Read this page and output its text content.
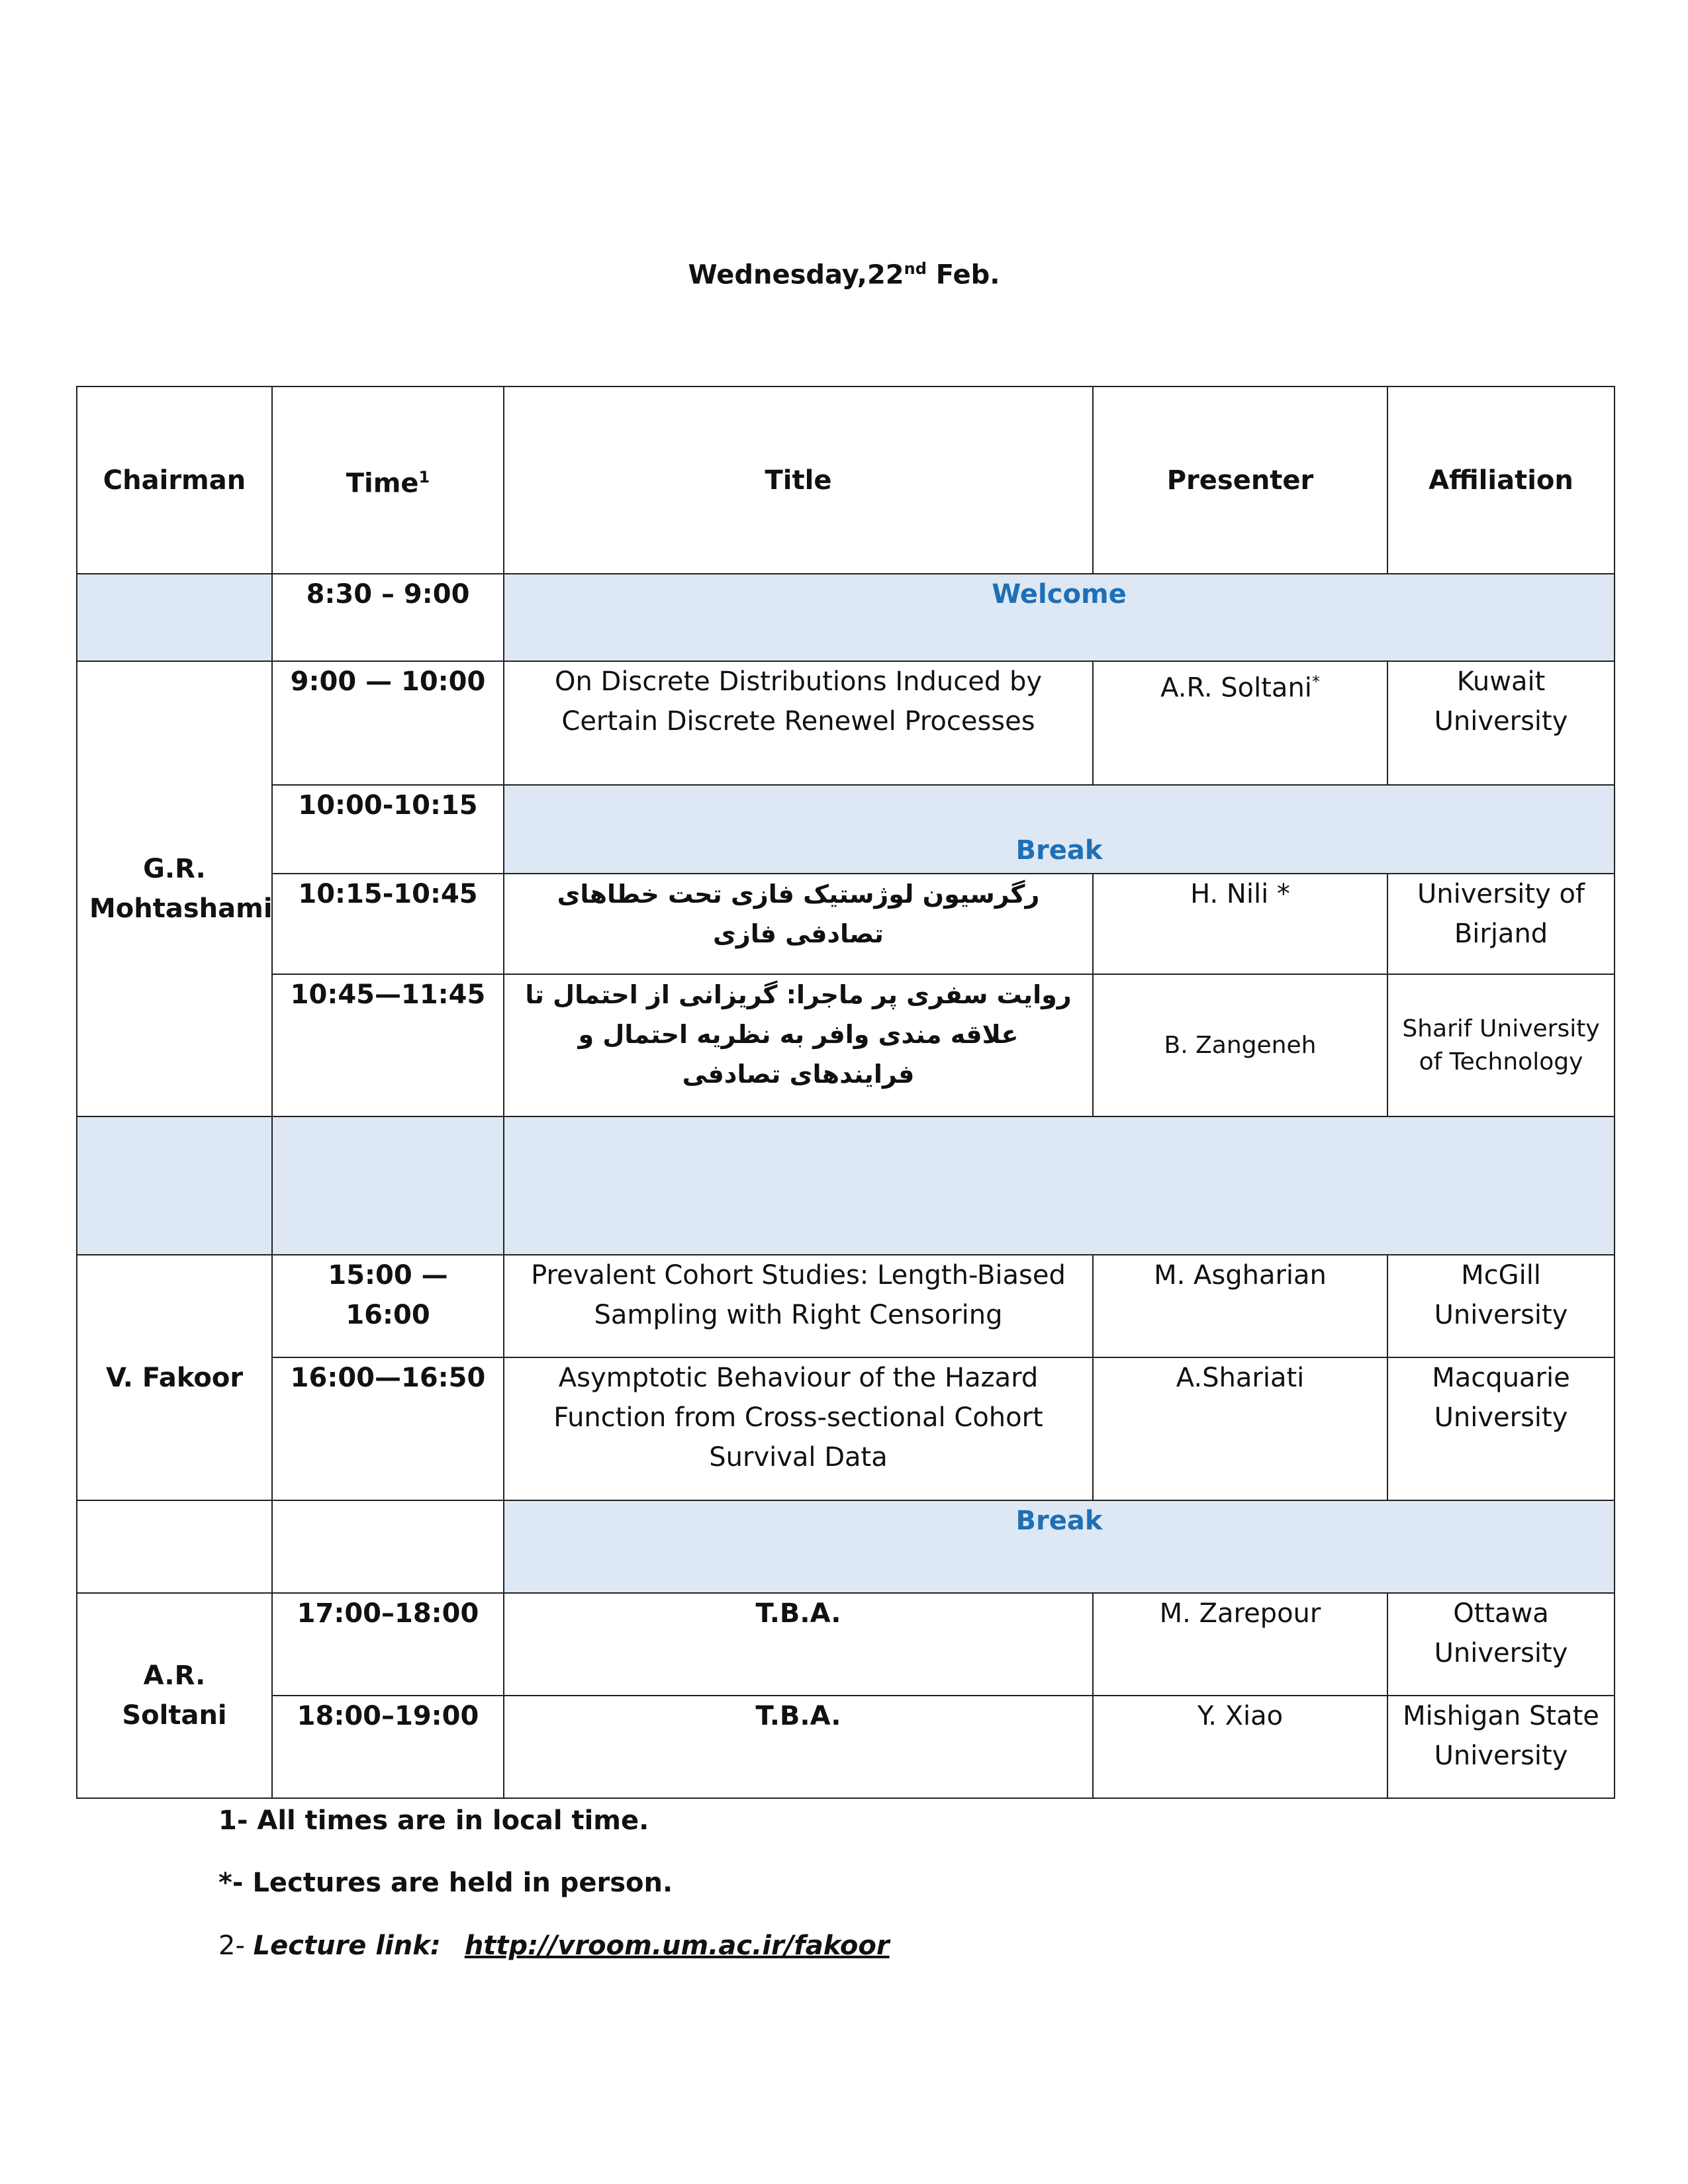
Wednesday,22nd Feb.
Chairman	Time$^1$	Title	Presenter	Affiliation
	8:30 – 9:00	Welcome		
G.R. Mohtashami	9:00 — 10:00	On Discrete Distributions Induced by Certain Discrete Renewel Processes	A.R. Soltani*	Kuwait University
	10:00-10:15	Break		
	10:15-10:45	رگرسیون لوژستیک فازی تحت خطاهای تصادفی فازی	H. Nili *	University of Birjand
	10:45—11:45	روایت سفری پر ماجرا: گریزانی از احتمال تا علاقه مندی وافر به نظریه احتمال و فرایندهای تصادفی	B. Zangeneh	Sharif University of Technology

V. Fakoor	15:00 — 16:00	Prevalent Cohort Studies: Length-Biased Sampling with Right Censoring	M. Asgharian	McGill University
	16:00—16:50	Asymptotic Behaviour of the Hazard Function from Cross-sectional Cohort Survival Data	A.Shariati	Macquarie University
		Break		
A.R. Soltani	17:00–18:00	T.B.A.	M. Zarepour	Ottawa University
	18:00–19:00	T.B.A.	Y. Xiao	Mishigan State University
1- All times are in local time.
*- Lectures are held in person.
2- Lecture link: http://vroom.um.ac.ir/fakoor
